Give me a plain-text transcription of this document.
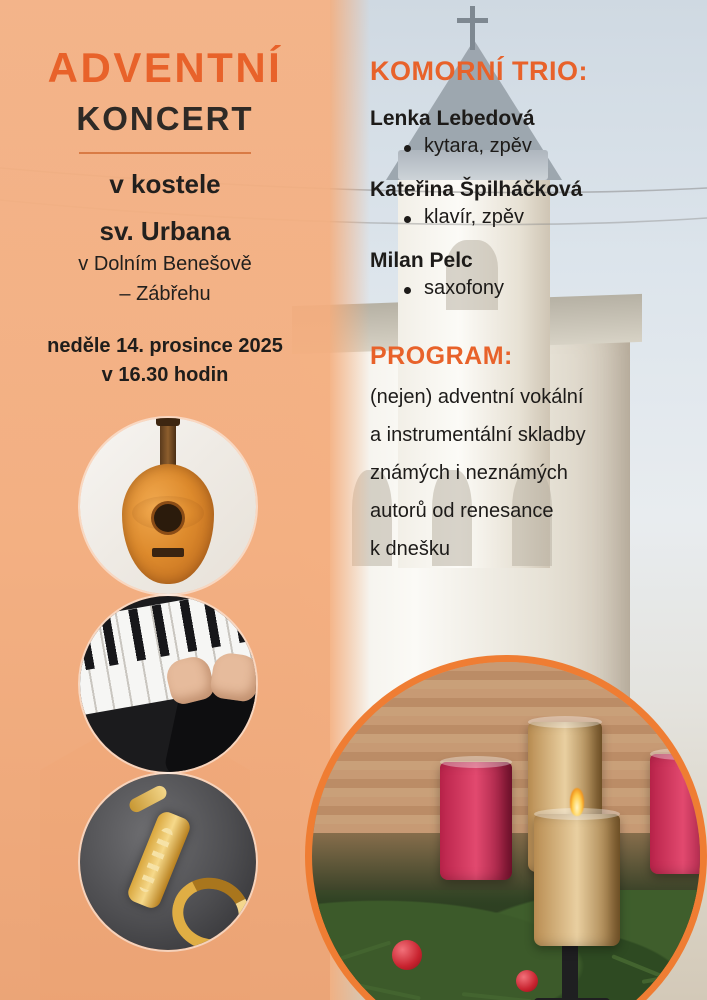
ADVENTNÍ
KONCERT
v kostele
sv. Urbana
v Dolním Benešově
– Zábřehu
neděle 14. prosince 2025
v 16.30 hodin
KOMORNÍ TRIO:
Lenka Lebedová
kytara, zpěv
Kateřina Špilháčková
klavír, zpěv
Milan Pelc
saxofony
PROGRAM:
(nejen) adventní vokální
a instrumentální skladby
známých i neznámých
autorů od renesance
k dnešku
